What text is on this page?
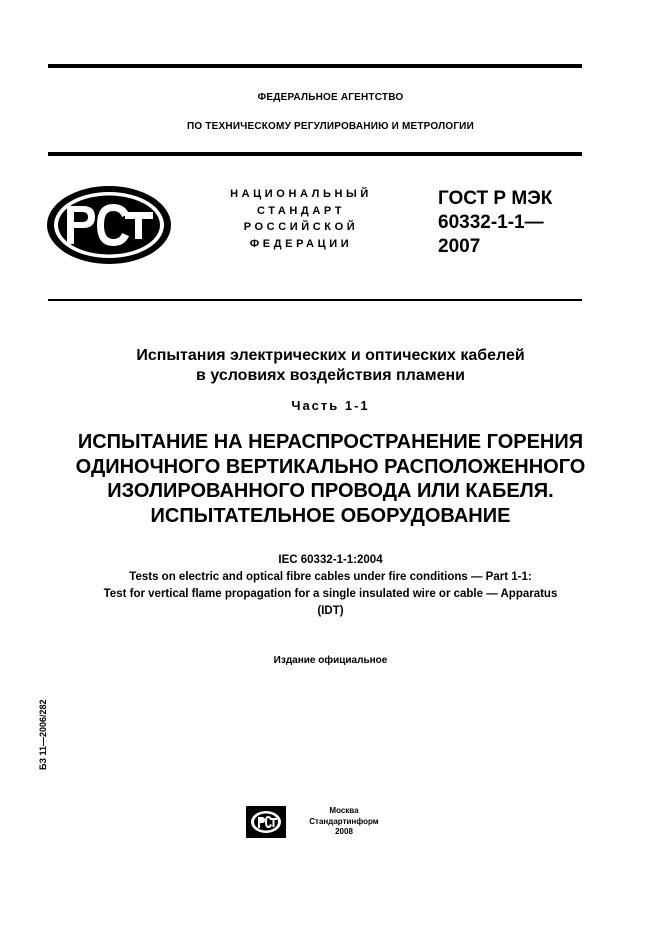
ФЕДЕРАЛЬНОЕ АГЕНТСТВО
ПО ТЕХНИЧЕСКОМУ РЕГУЛИРОВАНИЮ И МЕТРОЛОГИИ
НАЦИОНАЛЬНЫЙ
СТАНДАРТ
РОССИЙСКОЙ
ФЕДЕРАЦИИ
ГОСТ Р МЭК
60332-1-1—
2007
Испытания электрических и оптических кабелей
в условиях воздействия пламени
Часть 1-1
ИСПЫТАНИЕ НА НЕРАСПРОСТРАНЕНИЕ ГОРЕНИЯ
ОДИНОЧНОГО ВЕРТИКАЛЬНО РАСПОЛОЖЕННОГО
ИЗОЛИРОВАННОГО ПРОВОДА ИЛИ КАБЕЛЯ.
ИСПЫТАТЕЛЬНОЕ ОБОРУДОВАНИЕ
IEC 60332-1-1:2004
Tests on electric and optical fibre cables under fire conditions — Part 1-1:
Test for vertical flame propagation for a single insulated wire or cable — Apparatus
(IDT)
Издание официальное
БЗ 11—2006/282
Москва
Стандартинформ
2008
